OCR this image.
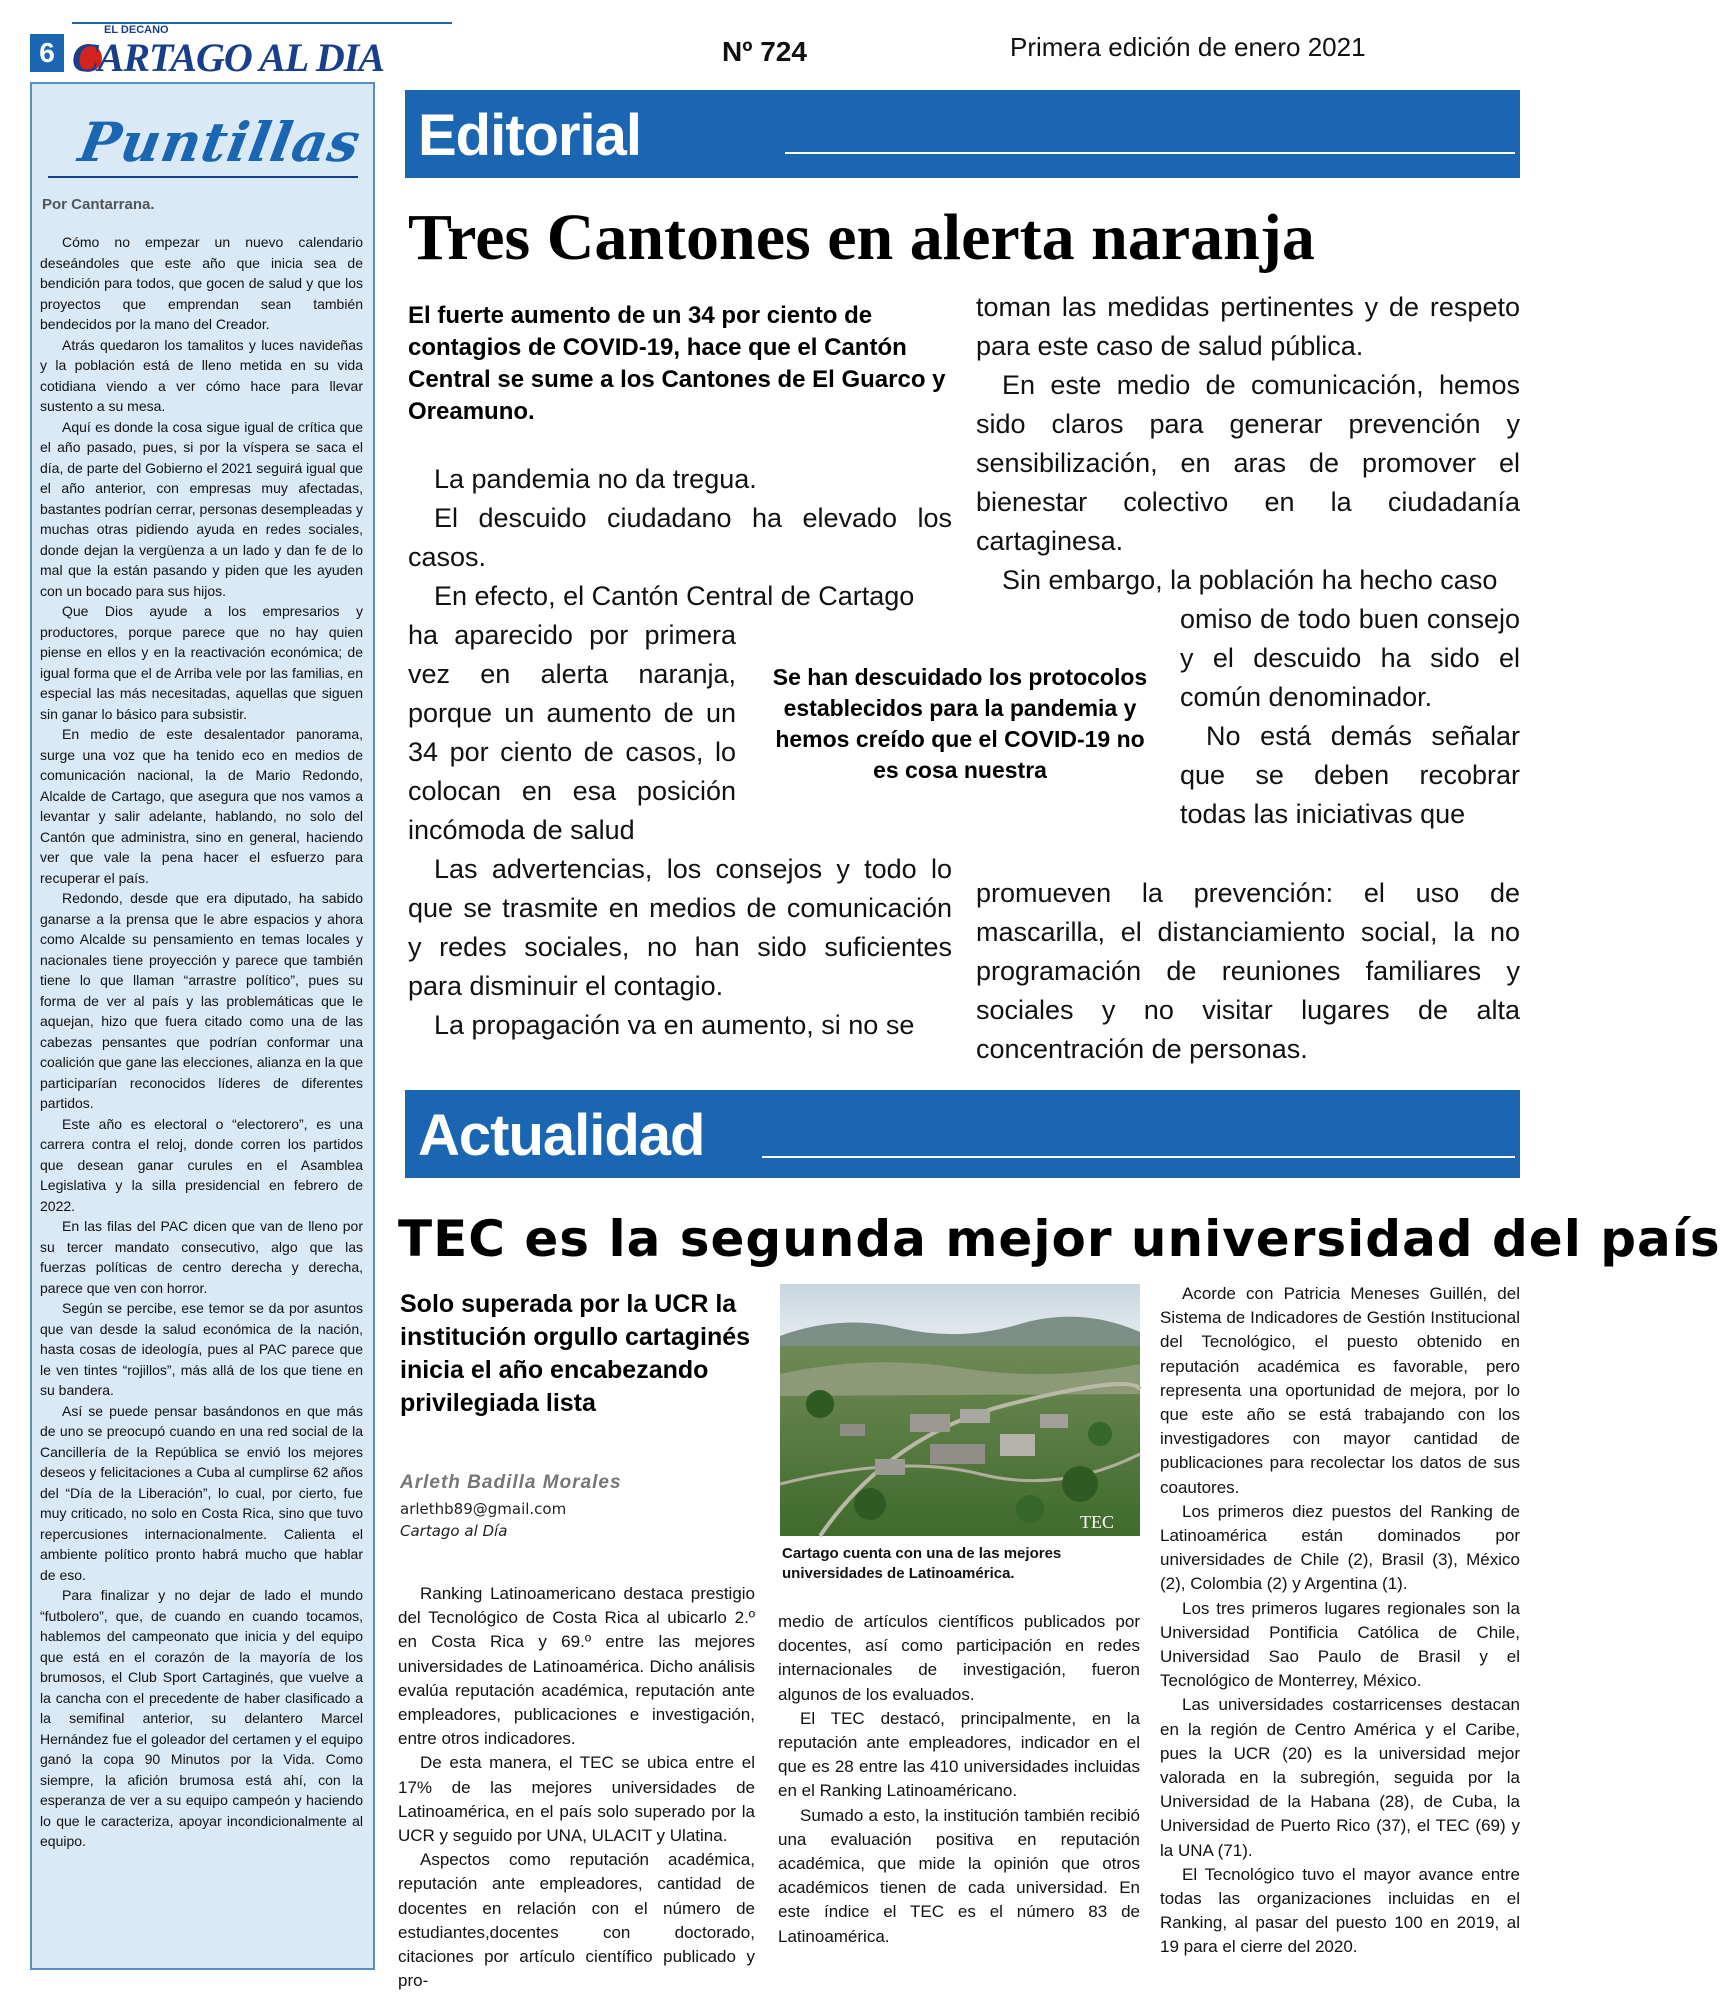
6
EL DECANO
CARTAGO AL DIA	Nº 724	Primera edición de enero 2021
Puntillas
Por Cantarrana.

Cómo no empezar un nuevo calendario deseándoles que este año que inicia sea de bendición para todos, que gocen de salud y que los proyectos que emprendan sean también bendecidos por la mano del Creador.

Atrás quedaron los tamalitos y luces navideñas y la población está de lleno metida en su vida cotidiana viendo a ver cómo hace para llevar sustento a su mesa.

Aquí es donde la cosa sigue igual de crítica que el año pasado, pues, si por la víspera se saca el día, de parte del Gobierno el 2021 seguirá igual que el año anterior, con empresas muy afectadas, bastantes podrían cerrar, personas desempleadas y muchas otras pidiendo ayuda en redes sociales, donde dejan la vergüenza a un lado y dan fe de lo mal que la están pasando y piden que les ayuden con un bocado para sus hijos.

Que Dios ayude a los empresarios y productores, porque parece que no hay quien piense en ellos y en la reactivación económica; de igual forma que el de Arriba vele por las familias, en especial las más necesitadas, aquellas que siguen sin ganar lo básico para subsistir.

En medio de este desalentador panorama, surge una voz que ha tenido eco en medios de comunicación nacional, la de Mario Redondo, Alcalde de Cartago, que asegura que nos vamos a levantar y salir adelante, hablando, no solo del Cantón que administra, sino en general, haciendo ver que vale la pena hacer el esfuerzo para recuperar el país.

Redondo, desde que era diputado, ha sabido ganarse a la prensa que le abre espacios y ahora como Alcalde su pensamiento en temas locales y nacionales tiene proyección y parece que también tiene lo que llaman “arrastre político”, pues su forma de ver al país y las problemáticas que le aquejan, hizo que fuera citado como una de las cabezas pensantes que podrían conformar una coalición que gane las elecciones, alianza en la que participarían reconocidos líderes de diferentes partidos.

Este año es electoral o “electorero”, es una carrera contra el reloj, donde corren los partidos que desean ganar curules en el Asamblea Legislativa y la silla presidencial en febrero de 2022.

En las filas del PAC dicen que van de lleno por su tercer mandato consecutivo, algo que las fuerzas políticas de centro derecha y derecha, parece que ven con horror.

Según se percibe, ese temor se da por asuntos que van desde la salud económica de la nación, hasta cosas de ideología, pues al PAC parece que le ven tintes “rojillos”, más allá de los que tiene en su bandera.

Así se puede pensar basándonos en que más de uno se preocupó cuando en una red social de la Cancillería de la República se envió los mejores deseos y felicitaciones a Cuba al cumplirse 62 años del “Día de la Liberación”, lo cual, por cierto, fue muy criticado, no solo en Costa Rica, sino que tuvo repercusiones internacionalmente. Calienta el ambiente político pronto habrá mucho que hablar de eso.

Para finalizar y no dejar de lado el mundo “futbolero”, que, de cuando en cuando tocamos, hablemos del campeonato que inicia y del equipo que está en el corazón de la mayoría de los brumosos, el Club Sport Cartaginés, que vuelve a la cancha con el precedente de haber clasificado a la semifinal anterior, su delantero Marcel Hernández fue el goleador del certamen y el equipo ganó la copa 90 Minutos por la Vida. Como siempre, la afición brumosa está ahí, con la esperanza de ver a su equipo campeón y haciendo lo que le caracteriza, apoyar incondicionalmente al equipo.

Editorial
Tres Cantones en alerta naranja
El fuerte aumento de un 34 por ciento de contagios de COVID-19, hace que el Cantón Central se sume a los Cantones de El Guarco y Oreamuno.

La pandemia no da tregua.

El descuido ciudadano ha elevado los casos.

En efecto, el Cantón Central de Cartago

ha aparecido por primera vez en alerta naranja, porque un aumento de un 34 por ciento de casos, lo colocan en esa posición incómoda de salud

Las advertencias, los consejos y todo lo que se trasmite en medios de comunicación y redes sociales, no han sido suficientes para disminuir el contagio.

La propagación va en aumento, si no se

toman las medidas pertinentes y de respeto para este caso de salud pública.

En este medio de comunicación, hemos sido claros para generar prevención y sensibilización, en aras de promover el bienestar colectivo en la ciudadanía cartaginesa.

Sin embargo, la población ha hecho caso

omiso de todo buen consejo y el descuido ha sido el común denominador.

No está demás señalar que se deben recobrar todas las iniciativas que

promueven la prevención: el uso de mascarilla, el distanciamiento social, la no programación de reuniones familiares y sociales y no visitar lugares de alta concentración de personas.

Se han descuidado los protocolos establecidos para la pandemia y hemos creído que el COVID-19 no es cosa nuestra
Actualidad
TEC es la segunda mejor universidad del país
Solo superada por la UCR la institución orgullo cartaginés inicia el año encabezando privilegiada lista
Arleth Badilla Morales
arlethb89@gmail.com
Cartago al Día

Ranking Latinoamericano destaca prestigio del Tecnológico de Costa Rica al ubicarlo 2.º en Costa Rica y 69.º entre las mejores universidades de Latinoamérica. Dicho análisis evalúa reputación académica, reputación ante empleadores, publicaciones e investigación, entre otros indicadores.

De esta manera, el TEC se ubica entre el 17% de las mejores universidades de Latinoamérica, en el país solo superado por la UCR y seguido por UNA, ULACIT y Ulatina.

Aspectos como reputación académica, reputación ante empleadores, cantidad de docentes en relación con el número de estudiantes,docentes con doctorado, citaciones por artículo científico publicado y pro-

TEC
Cartago cuenta con una de las mejores universidades de Latinoamérica.

medio de artículos científicos publicados por docentes, así como participación en redes internacionales de investigación, fueron algunos de los evaluados.

El TEC destacó, principalmente, en la reputación ante empleadores, indicador en el que es 28 entre las 410 universidades incluidas en el Ranking Latinoaméricano.

Sumado a esto, la institución también recibió una evaluación positiva en reputación académica, que mide la opinión que otros académicos tienen de cada universidad. En este índice el TEC es el número 83 de Latinoamérica.

Acorde con Patricia Meneses Guillén, del Sistema de Indicadores de Gestión Institucional del Tecnológico, el puesto obtenido en reputación académica es favorable, pero representa una oportunidad de mejora, por lo que este año se está trabajando con los investigadores con mayor cantidad de publicaciones para recolectar los datos de sus coautores.

Los primeros diez puestos del Ranking de Latinoamérica están dominados por universidades de Chile (2), Brasil (3), México (2), Colombia (2) y Argentina (1).

Los tres primeros lugares regionales son la Universidad Pontificia Católica de Chile, Universidad Sao Paulo de Brasil y el Tecnológico de Monterrey, México.

Las universidades costarricenses destacan en la región de Centro América y el Caribe, pues la UCR (20) es la universidad mejor valorada en la subregión, seguida por la Universidad de la Habana (28), de Cuba, la Universidad de Puerto Rico (37), el TEC (69) y la UNA (71).

El Tecnológico tuvo el mayor avance entre todas las organizaciones incluidas en el Ranking, al pasar del puesto 100 en 2019, al 19 para el cierre del 2020.
